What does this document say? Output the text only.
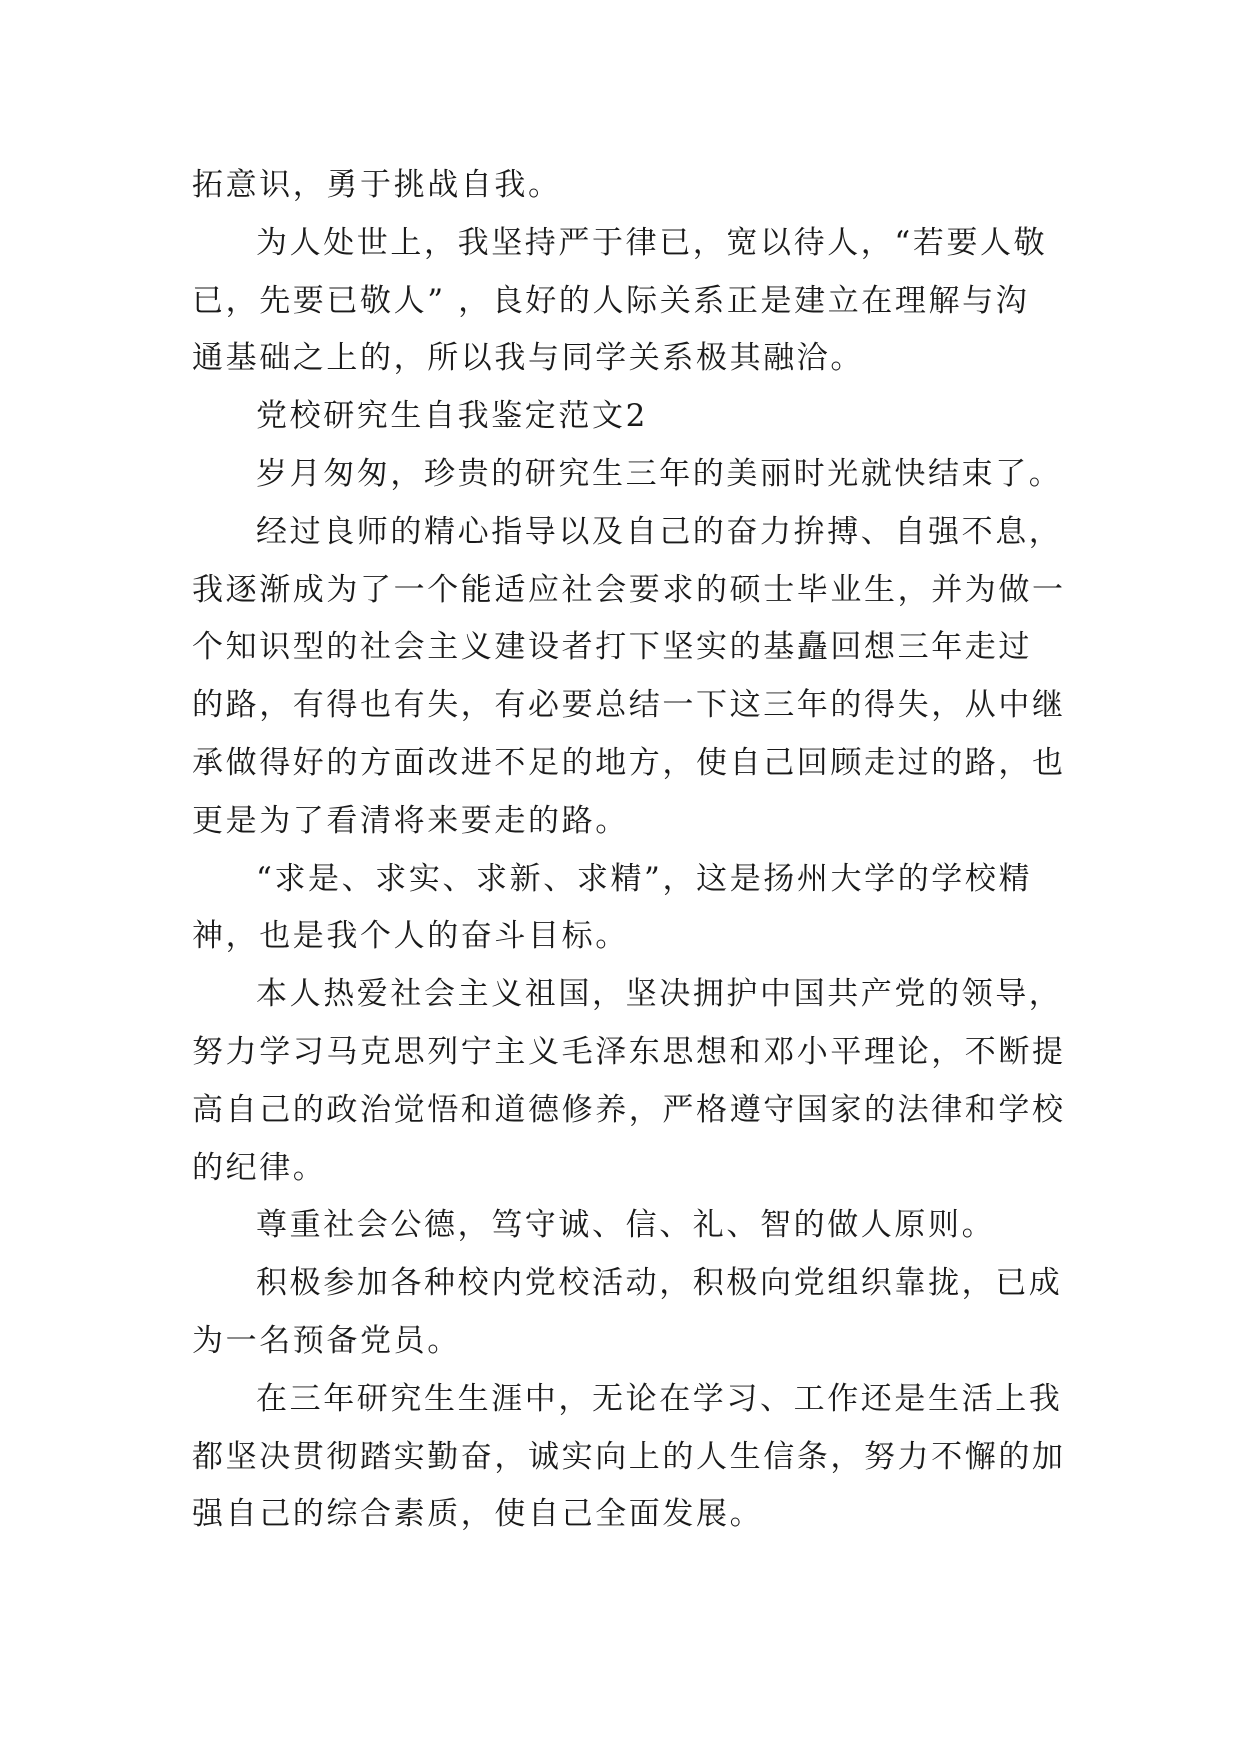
拓意识，勇于挑战自我。
为人处世上，我坚持严于律已，宽以待人，“若要人敬
已，先要已敬人” ，良好的人际关系正是建立在理解与沟
通基础之上的，所以我与同学关系极其融洽。
党校研究生自我鉴定范文2
岁月匆匆，珍贵的研究生三年的美丽时光就快结束了。
经过良师的精心指导以及自己的奋力拚搏、自强不息，
我逐渐成为了一个能适应社会要求的硕士毕业生，并为做一
个知识型的社会主义建设者打下坚实的基矗回想三年走过
的路，有得也有失，有必要总结一下这三年的得失，从中继
承做得好的方面改进不足的地方，使自己回顾走过的路，也
更是为了看清将来要走的路。
“求是、求实、求新、求精”，这是扬州大学的学校精
神，也是我个人的奋斗目标。
本人热爱社会主义祖国，坚决拥护中国共产党的领导，
努力学习马克思列宁主义毛泽东思想和邓小平理论，不断提
高自己的政治觉悟和道德修养，严格遵守国家的法律和学校
的纪律。
尊重社会公德，笃守诚、信、礼、智的做人原则。
积极参加各种校内党校活动，积极向党组织靠拢，已成
为一名预备党员。
在三年研究生生涯中，无论在学习、工作还是生活上我
都坚决贯彻踏实勤奋，诚实向上的人生信条，努力不懈的加
强自己的综合素质，使自己全面发展。
